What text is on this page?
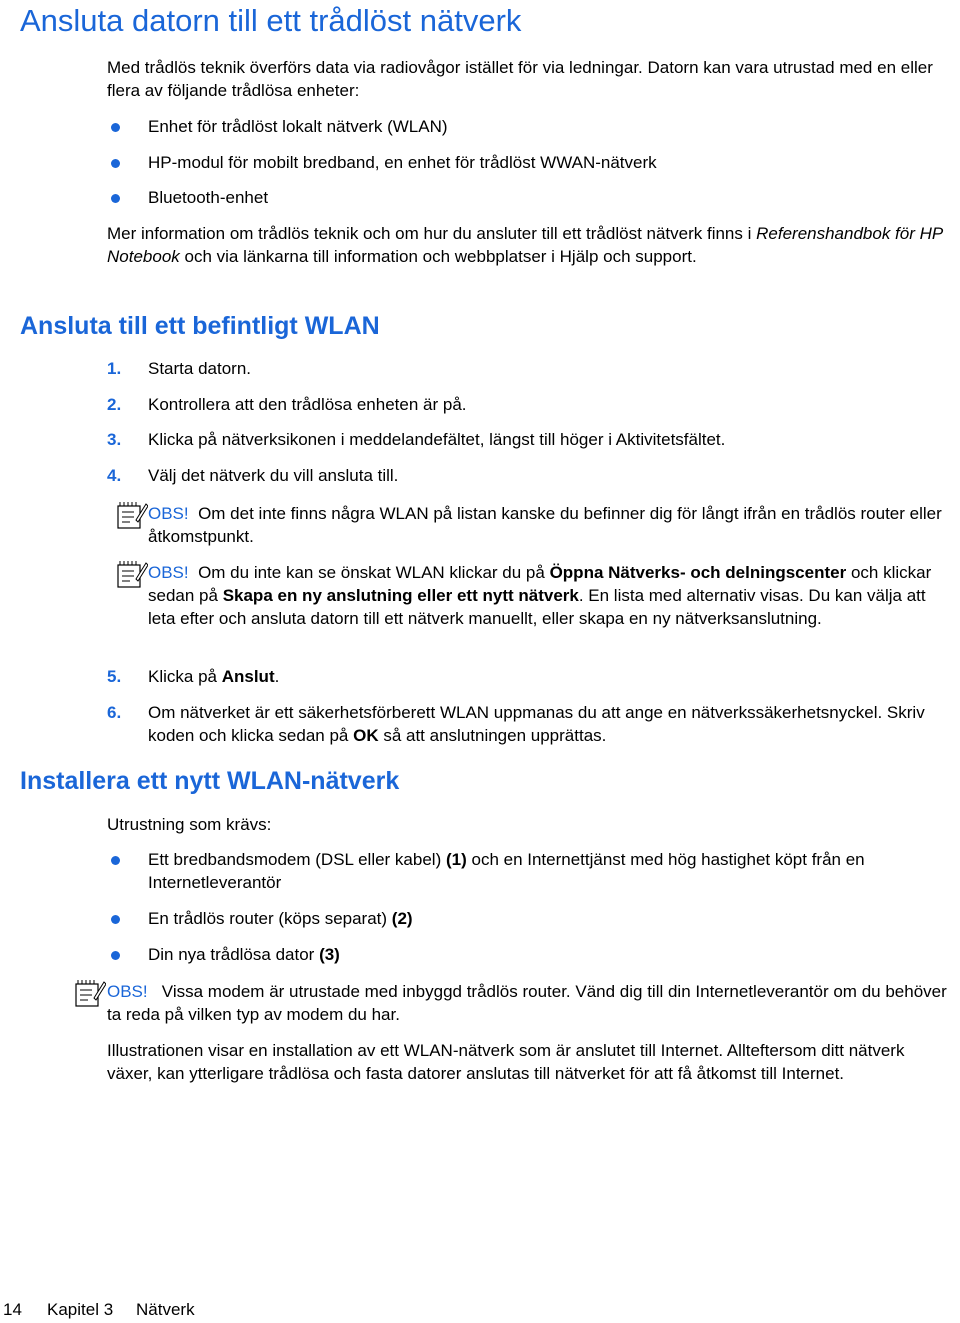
Ansluta datorn till ett trådlöst nätverk

Med trådlös teknik överförs data via radiovågor istället för via ledningar. Datorn kan vara utrustad med en eller flera av följande trådlösa enheter:

Enhet för trådlöst lokalt nätverk (WLAN)
HP-modul för mobilt bredband, en enhet för trådlöst WWAN-nätverk
Bluetooth-enhet

Mer information om trådlös teknik och om hur du ansluter till ett trådlöst nätverk finns i Referenshandbok för HP Notebook och via länkarna till information och webbplatser i Hjälp och support.

Ansluta till ett befintligt WLAN
1. Starta datorn.
2. Kontrollera att den trådlösa enheten är på.
3. Klicka på nätverksikonen i meddelandefältet, längst till höger i Aktivitetsfältet.
4. Välj det nätverk du vill ansluta till.
OBS! Om det inte finns några WLAN på listan kanske du befinner dig för långt ifrån en trådlös router eller åtkomstpunkt.
OBS! Om du inte kan se önskat WLAN klickar du på Öppna Nätverks- och delningscenter och klickar sedan på Skapa en ny anslutning eller ett nytt nätverk. En lista med alternativ visas. Du kan välja att leta efter och ansluta datorn till ett nätverk manuellt, eller skapa en ny nätverksanslutning.
5. Klicka på Anslut.
6. Om nätverket är ett säkerhetsförberett WLAN uppmanas du att ange en nätverkssäkerhetsnyckel. Skriv koden och klicka sedan på OK så att anslutningen upprättas.
Installera ett nytt WLAN-nätverk

Utrustning som krävs:

Ett bredbandsmodem (DSL eller kabel) (1) och en Internettjänst med hög hastighet köpt från en Internetleverantör
En trådlös router (köps separat) (2)
Din nya trådlösa dator (3)
OBS! Vissa modem är utrustade med inbyggd trådlös router. Vänd dig till din Internetleverantör om du behöver ta reda på vilken typ av modem du har.

Illustrationen visar en installation av ett WLAN-nätverk som är anslutet till Internet. Allteftersom ditt nätverk växer, kan ytterligare trådlösa och fasta datorer anslutas till nätverket för att få åtkomst till Internet.

14 Kapitel 3 Nätverk
